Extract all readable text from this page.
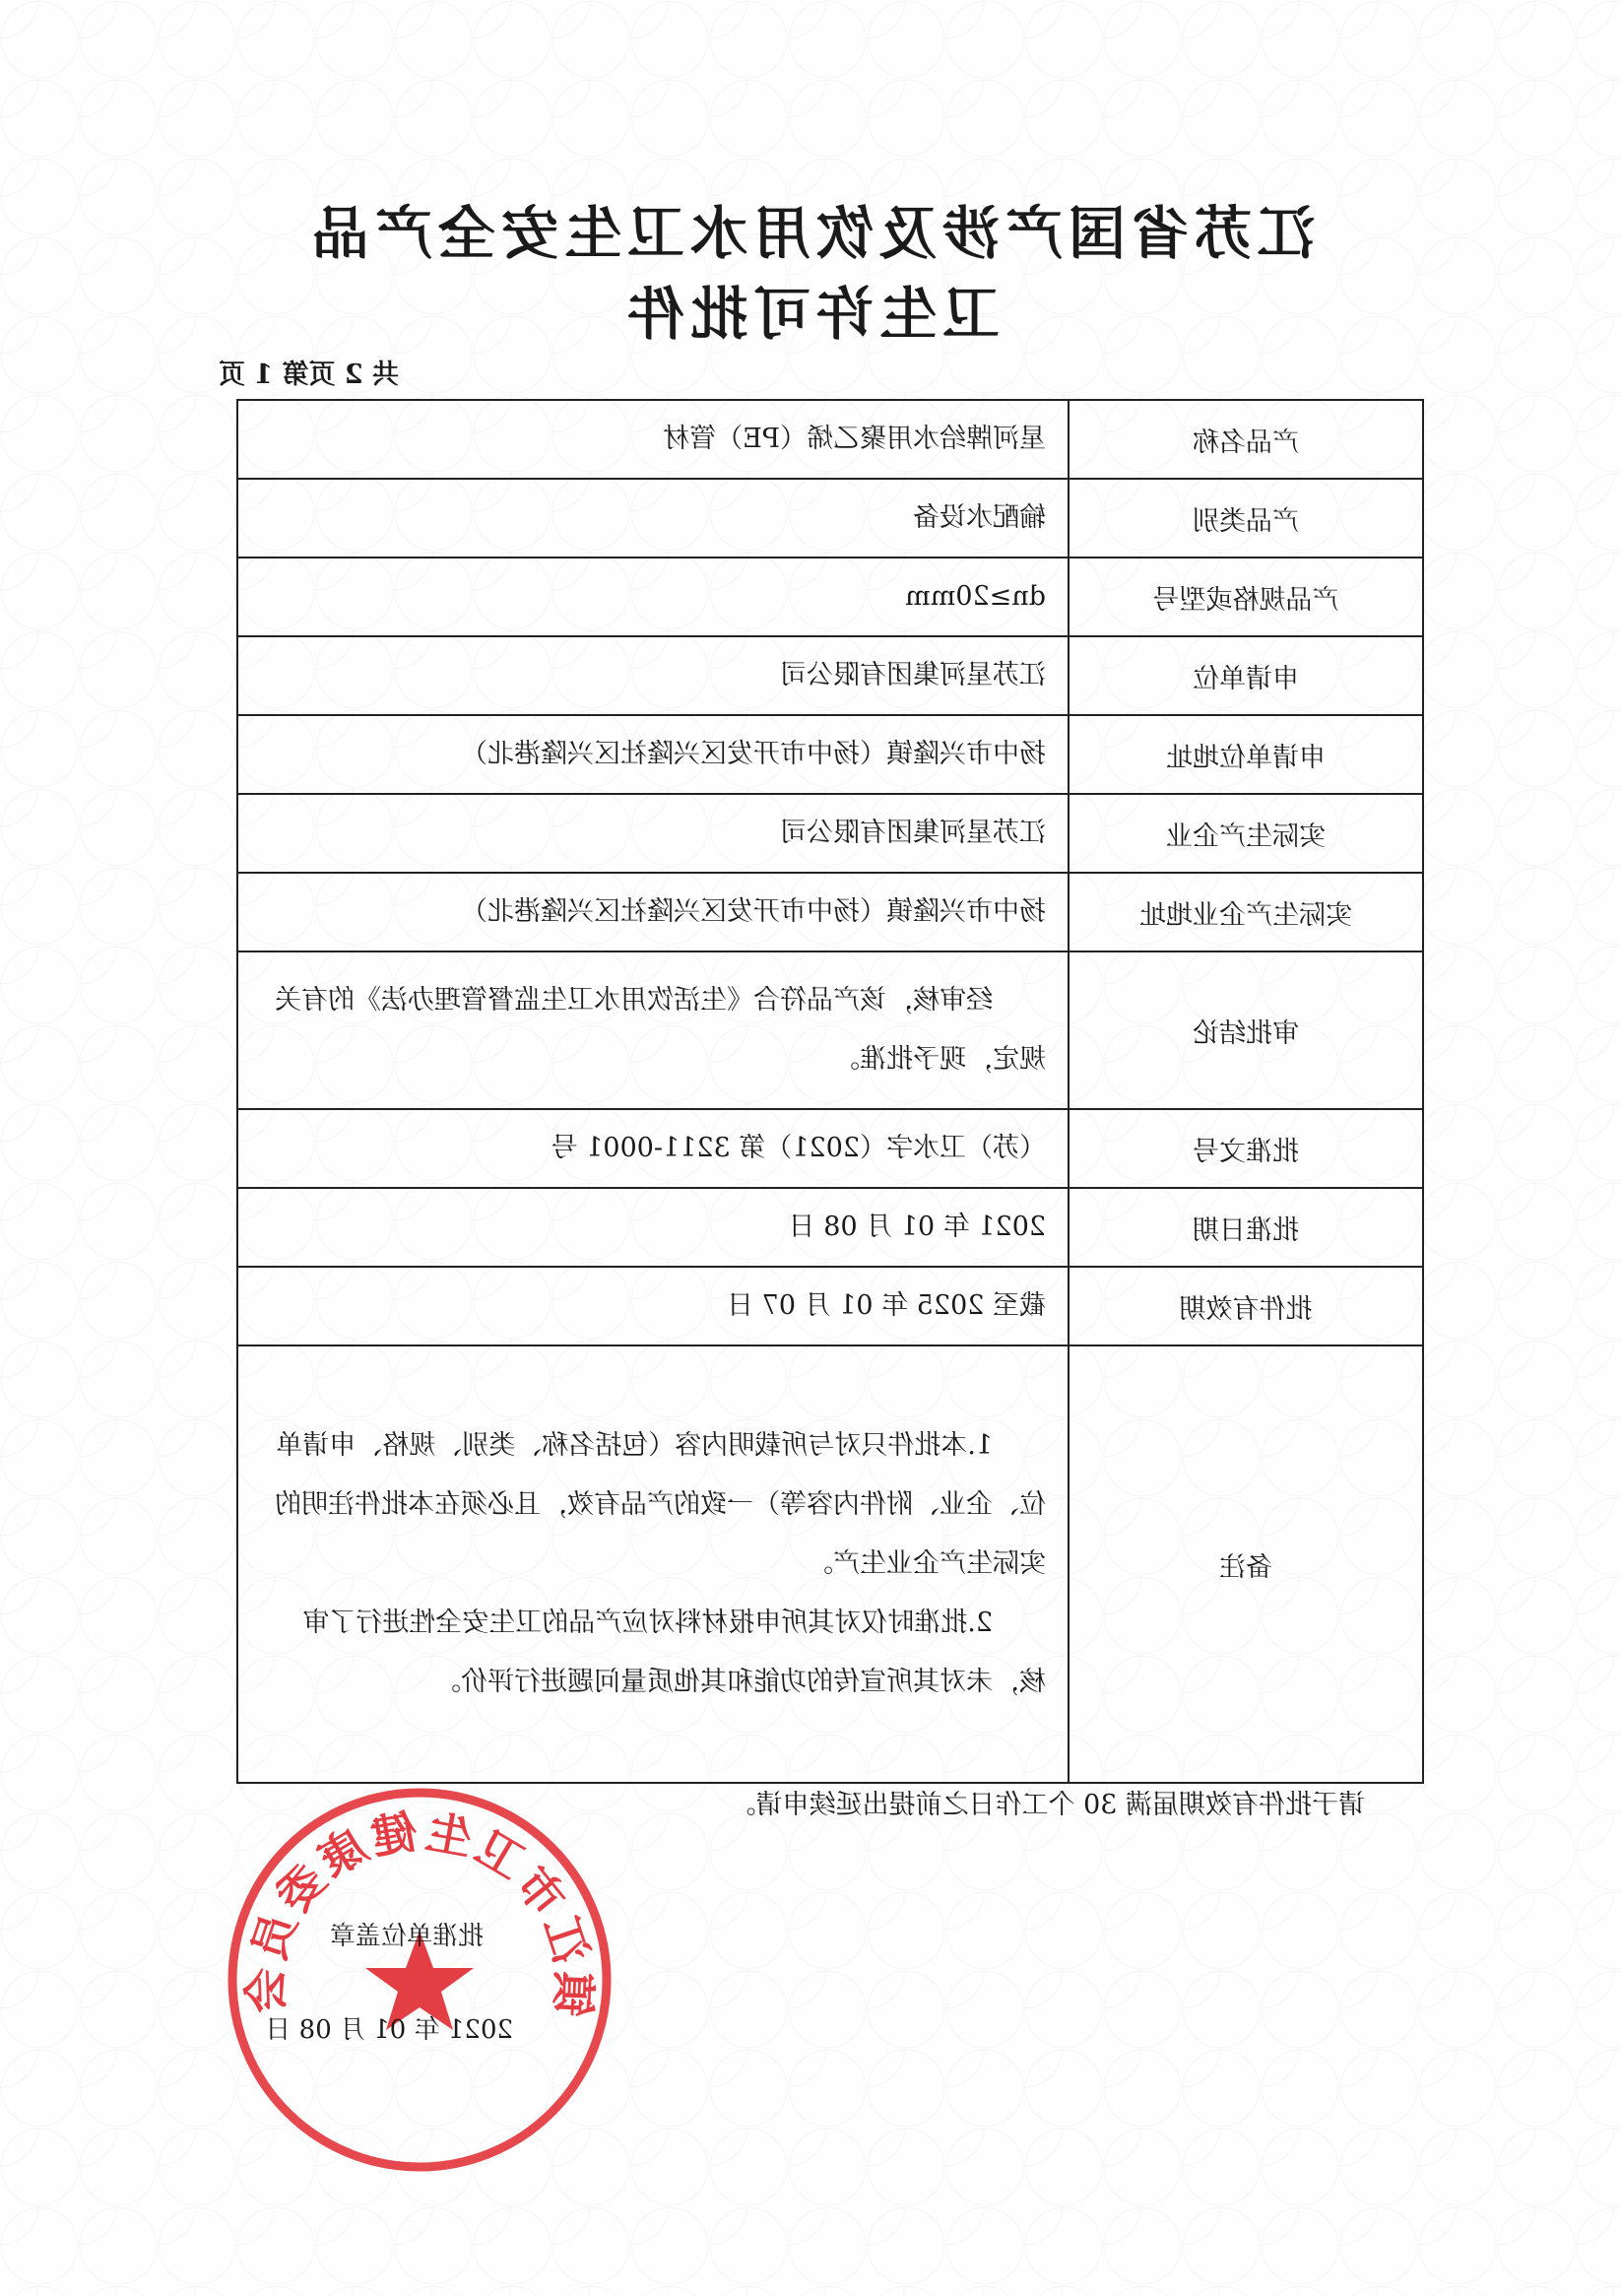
江苏省国产涉及饮用水卫生安全产品
卫生许可批件
共 2 页第 1 页
产品名称	星河牌给水用聚乙烯（PE）管材
产品类别	输配水设备
产品规格或型号	dn≥20mm
申请单位	江苏星河集团有限公司
申请单位地址	扬中市兴隆镇（扬中市开发区兴隆社区兴隆港北）
实际生产企业	江苏星河集团有限公司
实际生产企业地址	扬中市兴隆镇（扬中市开发区兴隆社区兴隆港北）
审批结论	经审核，该产品符合《生活饮用水卫生监督管理办法》的有关规定，现予批准。

批准文号	（苏）卫水字（2021）第 3211-0001 号
批准日期	2021 年 01 月 08 日
批件有效期	截至 2025 年 01 月 07 日
备注	1.本批件只对与所载明内容（包括名称、类别、规格、申请单位、企业、附件内容等）一致的产品有效，且必须在本批件注明的实际生产企业生产。

2.批准时仅对其所申报材料对应产品的卫生安全性进行了审核，未对其所宣传的功能和其他质量问题进行评价。

请于批件有效期届满 30 个工作日之前提出延续申请。
镇江市卫生健康委员会
批准单位盖章
2021 年 01 月 08 日
